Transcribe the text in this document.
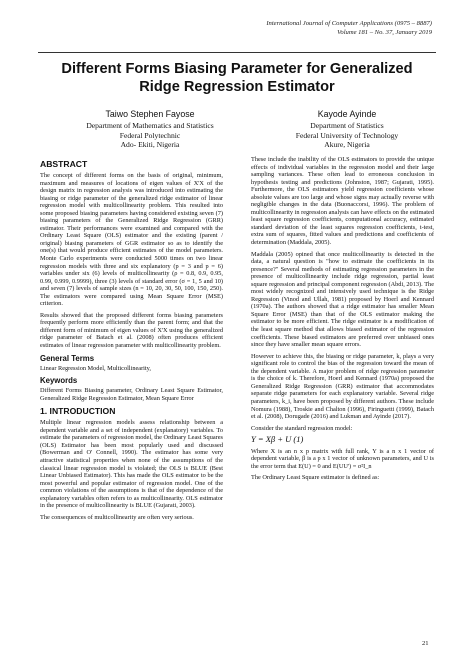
International Journal of Computer Applications (0975 – 8887)
Volume 181 – No. 37, January 2019
Different Forms Biasing Parameter for Generalized
Ridge Regression Estimator
Taiwo Stephen Fayose
Department of Mathematics and Statistics
Federal Polytechnic
Ado- Ekiti, Nigeria
Kayode Ayinde
Department of Statistics
Federal University of Technology
Akure, Nigeria
ABSTRACT

The concept of different forms on the basis of original, minimum, maximum and measures of locations of eigen values of X'X of the design matrix in regression analysis was introduced into estimating the biasing or ridge parameter of the generalized ridge estimator of linear regression model with multicollinearity problem. This resulted into some proposed biasing parameters having considered existing seven (7) biasing parameters of the Generalized Ridge Regression (GRR) estimator. Their performances were examined and compared with the Ordinary Least Square (OLS) estimator and the existing (parent / original) biasing parameters of GGR estimator so as to identify the one(s) that would produce efficient estimates of the model parameters. Monte Carlo experiments were conducted 5000 times on two linear regression models with three and six explanatory (p = 3 and p = 6) variables under six (6) levels of multicollinearity (ρ = 0.8, 0.9, 0.95, 0.99, 0.999, 0.9999), three (3) levels of standard error (σ = 1, 5 and 10) and seven (7) levels of sample sizes (n = 10, 20, 30, 50, 100, 150, 250). The estimators were compared using Mean Square Error (MSE) criterion.

Results showed that the proposed different forms biasing parameters frequently perform more efficiently than the parent form; and that the different form of minimum of eigen values of X'X using the generalized ridge parameter of Batach et al. (2008) often produces efficient estimates of linear regression parameter with multicollinearity problem.

General Terms

Linear Regression Model, Multicollinearity,

Keywords

Different Forms Biasing parameter, Ordinary Least Square Estimator, Generalized Ridge Regression Estimator, Mean Square Error

1. INTRODUCTION

Multiple linear regression models assess relationship between a dependent variable and a set of independent (explanatory) variables. To estimate the parameters of regression model, the Ordinary Least Squares (OLS) Estimator has been most popularly used and discussed (Bowerman and O' Connell, 1990). The estimator has some very attractive statistical properties when none of the assumptions of the classical linear regression model is violated; the OLS is BLUE (Best Linear Unbiased Estimator). This has made the OLS estimator to be the most powerful and popular estimator of regression model. One of the common violations of the assumptions is that of the dependence of the explanatory variables often refers to as multicollinearity. OLS estimator in the presence of multicollinearity is BLUE (Gujarati, 2003).

The consequences of multicollinearity are often very serious.

These include the inability of the OLS estimators to provide the unique effects of individual variables in the regression model and their large sampling variances. These often lead to erroneous conclusion in hypothesis testing and predictions (Johnston, 1987; Gujarati, 1995). Furthermore, the OLS estimators yield regression coefficients whose absolute values are too large and whose signs may actually reverse with negligible changes in the data (Buonaccorsi, 1996). The problem of multicollinearity in regression analysis can have effects on the estimated least square regression coefficients, computational accuracy, estimated standard deviation of the least squares regression coefficients, t-test, extra sum of squares, fitted values and predictions and coefficients of determination (Maddala, 2005).

Maddala (2005) opined that once multicollinearity is detected in the data, a natural question is "how to estimate the coefficients in its presence?" Several methods of estimating regression parameters in the presence of multicollinearity include ridge regression, partial least square regression and principal component regression (Abdi, 2013). The most widely recognized and intensively used technique is the Ridge Regression (Vinod and Ullah, 1981) proposed by Hoerl and Kennard (1970a). The authors showed that a ridge estimator has smaller Mean Square Error (MSE) than that of the OLS estimator making the estimator to be more efficient. The ridge estimator is a modification of the least square method that allows biased estimator of the regression coefficients. These biased estimators are preferred over unbiased ones since they have smaller mean square errors.

However to achieve this, the biasing or ridge parameter, k, plays a very significant role to control the bias of the regression toward the mean of the dependent variable. A major problem of ridge regression parameter is the choice of k. Therefore, Hoerl and Kennard (1970a) proposed the Generalized Ridge Regression (GRR) estimator that accommodates separate ridge parameters for each explanatory variable. Several ridge parameters, k_i, have been proposed by different authors. These include Nomura (1988), Troskie and Chalton (1996), Firinguetti (1999), Batach et al. (2008), Dorugade (2016) and Lukman and Ayinde (2017).

Consider the standard regression model:

Y = Xβ + U (1)

Where X is an n x p matrix with full rank, Y is a n x 1 vector of dependent variable, β is a p x 1 vector of unknown parameters, and U is the error term that E(U) = 0 and E(UU') = σ²I_n

The Ordinary Least Square estimator is defined as:

21
